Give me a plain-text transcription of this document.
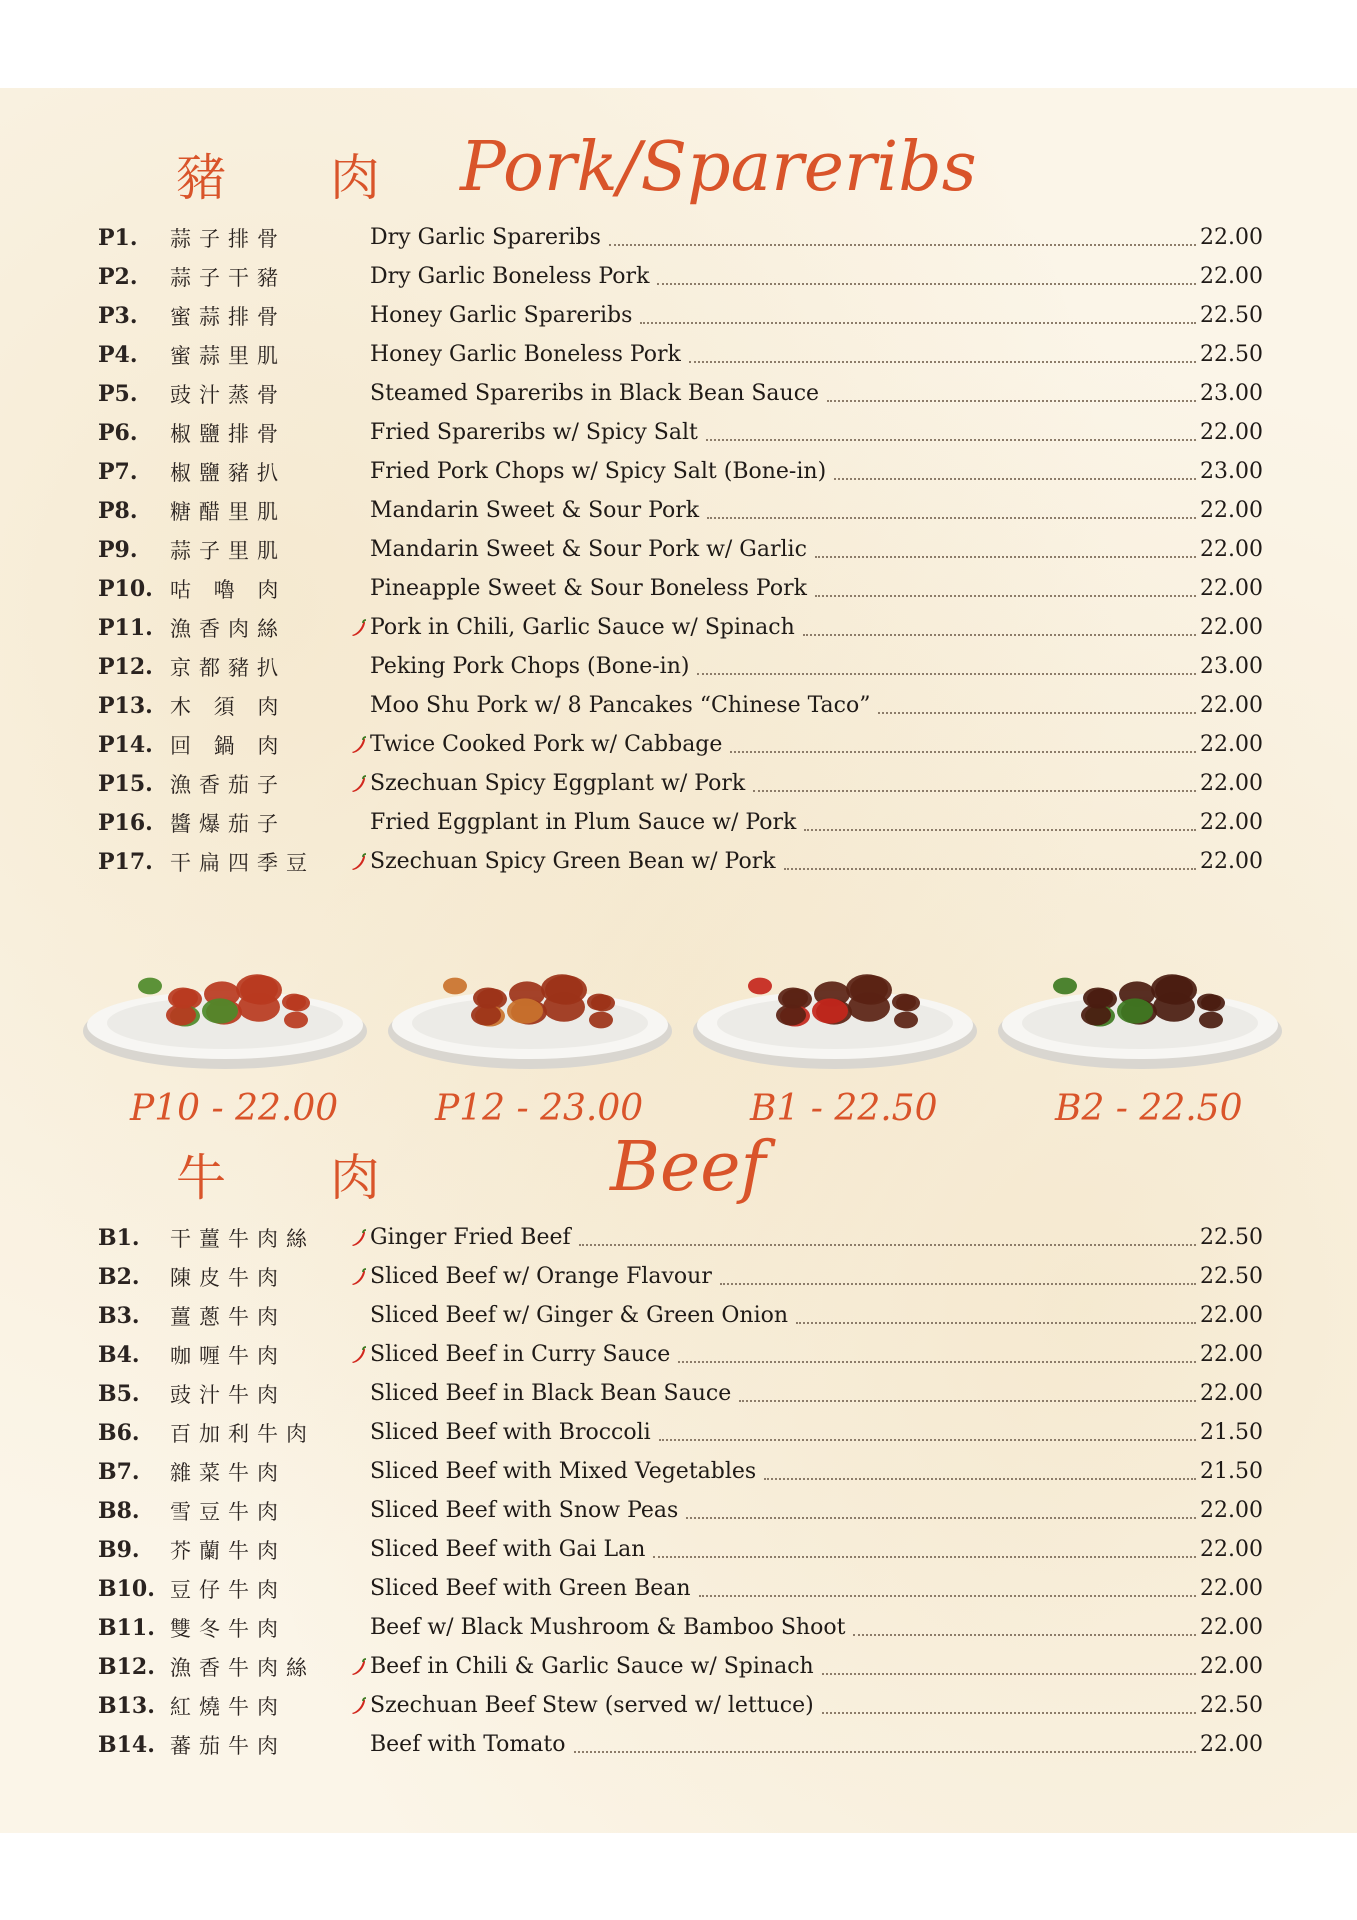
豬 肉 Pork/Spareribs
P1.	蒜子排骨	Dry Garlic Spareribs	22.00
P2.	蒜子干豬	Dry Garlic Boneless Pork	22.00
P3.	蜜蒜排骨	Honey Garlic Spareribs	22.50
P4.	蜜蒜里肌	Honey Garlic Boneless Pork	22.50
P5.	豉汁蒸骨	Steamed Spareribs in Black Bean Sauce	23.00
P6.	椒鹽排骨	Fried Spareribs w/ Spicy Salt	22.00
P7.	椒鹽豬扒	Fried Pork Chops w/ Spicy Salt (Bone-in)	23.00
P8.	糖醋里肌	Mandarin Sweet & Sour Pork	22.00
P9.	蒜子里肌	Mandarin Sweet & Sour Pork w/ Garlic	22.00
P10. 咕 嚕 肉	Pineapple Sweet & Sour Boneless Pork	22.00
P11. 漁香肉絲	Pork in Chili, Garlic Sauce w/ Spinach	22.00
P12. 京都豬扒	Peking Pork Chops (Bone-in)	23.00
P13. 木 須 肉	Moo Shu Pork w/ 8 Pancakes “Chinese Taco”	22.00
P14. 回 鍋 肉	Twice Cooked Pork w/ Cabbage	22.00
P15. 漁香茄子	Szechuan Spicy Eggplant w/ Pork	22.00
P16. 醬爆茄子	Fried Eggplant in Plum Sauce w/ Pork	22.00
P17. 干扁四季豆	Szechuan Spicy Green Bean w/ Pork	22.00
P10 - 22.00	P12 - 23.00	B1 - 22.50	B2 - 22.50
牛 肉	Beef
B1.	干薑牛肉絲	Ginger Fried Beef	22.50
B2.	陳皮牛肉	Sliced Beef w/ Orange Flavour	22.50
B3.	薑蔥牛肉	Sliced Beef w/ Ginger & Green Onion	22.00
B4.	咖喱牛肉	Sliced Beef in Curry Sauce	22.00
B5.	豉汁牛肉	Sliced Beef in Black Bean Sauce	22.00
B6.	百加利牛肉	Sliced Beef with Broccoli	21.50
B7.	雜菜牛肉	Sliced Beef with Mixed Vegetables	21.50
B8.	雪豆牛肉	Sliced Beef with Snow Peas	22.00
B9.	芥蘭牛肉	Sliced Beef with Gai Lan	22.00
B10. 豆仔牛肉	Sliced Beef with Green Bean	22.00
B11. 雙冬牛肉	Beef w/ Black Mushroom & Bamboo Shoot	22.00
B12. 漁香牛肉絲	Beef in Chili & Garlic Sauce w/ Spinach	22.00
B13. 紅燒牛肉	Szechuan Beef Stew (served w/ lettuce)	22.50
B14. 蕃茄牛肉	Beef with Tomato	22.00
